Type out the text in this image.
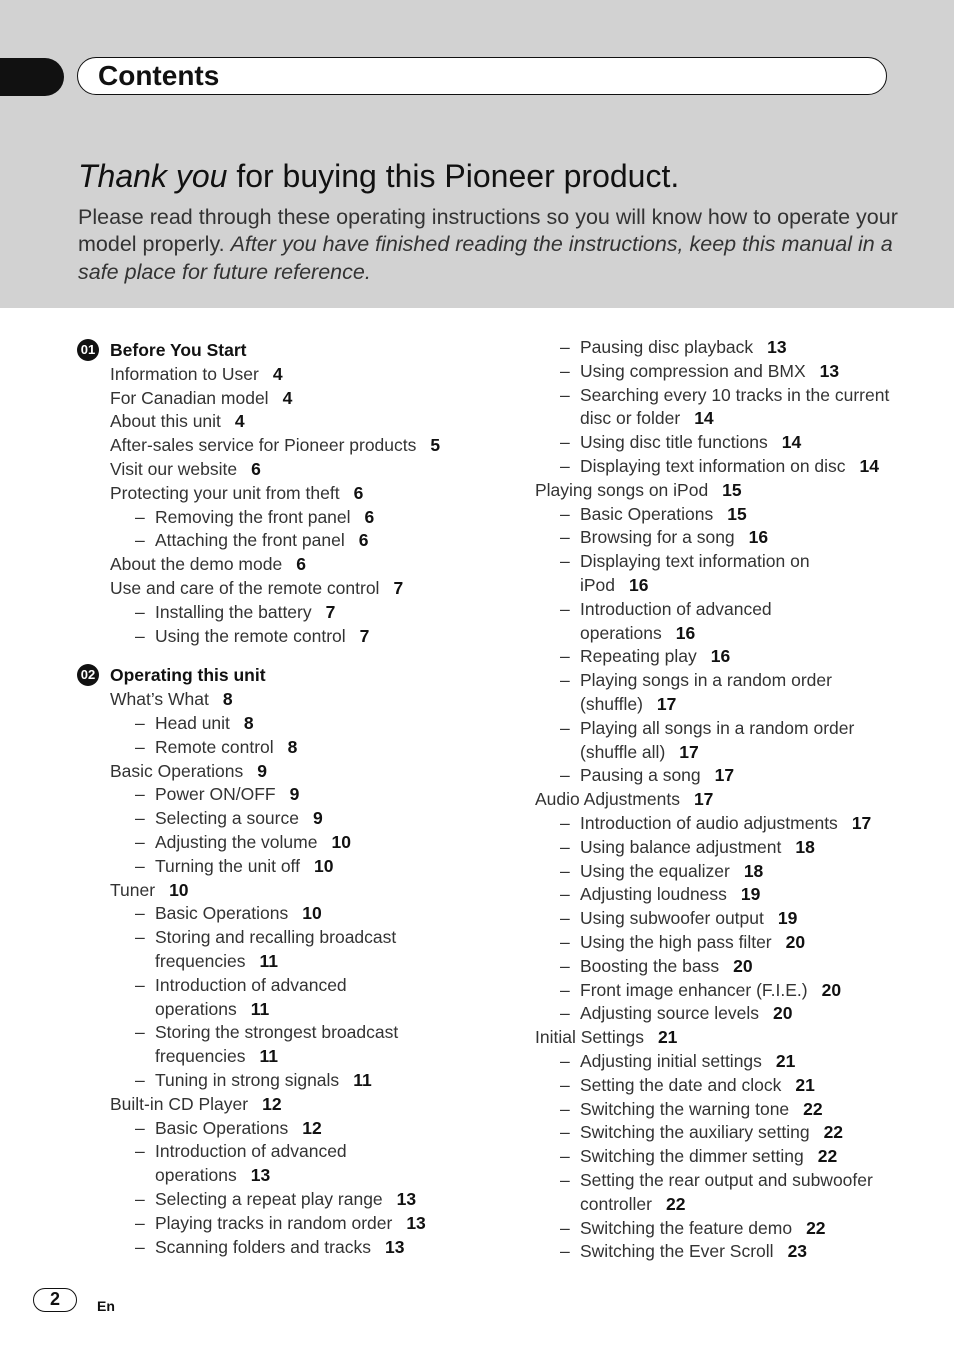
Contents
Thank you for buying this Pioneer product.
Please read through these operating instructions so you will know how to operate your model properly. After you have finished reading the instructions, keep this manual in a safe place for future reference.
01 Before You Start
Information to User 4
For Canadian model 4
About this unit 4
After-sales service for Pioneer products 5
Visit our website 6
Protecting your unit from theft 6
– Removing the front panel 6
– Attaching the front panel 6
About the demo mode 6
Use and care of the remote control 7
– Installing the battery 7
– Using the remote control 7
02 Operating this unit
What’s What 8
– Head unit 8
– Remote control 8
Basic Operations 9
– Power ON/OFF 9
– Selecting a source 9
– Adjusting the volume 10
– Turning the unit off 10
Tuner 10
– Basic Operations 10
– Storing and recalling broadcast
frequencies 11
– Introduction of advanced
operations 11
– Storing the strongest broadcast
frequencies 11
– Tuning in strong signals 11
Built-in CD Player 12
– Basic Operations 12
– Introduction of advanced
operations 13
– Selecting a repeat play range 13
– Playing tracks in random order 13
– Scanning folders and tracks 13
– Pausing disc playback 13
– Using compression and BMX 13
– Searching every 10 tracks in the current
disc or folder 14
– Using disc title functions 14
– Displaying text information on disc 14
Playing songs on iPod 15
– Basic Operations 15
– Browsing for a song 16
– Displaying text information on
iPod 16
– Introduction of advanced
operations 16
– Repeating play 16
– Playing songs in a random order
(shuffle) 17
– Playing all songs in a random order
(shuffle all) 17
– Pausing a song 17
Audio Adjustments 17
– Introduction of audio adjustments 17
– Using balance adjustment 18
– Using the equalizer 18
– Adjusting loudness 19
– Using subwoofer output 19
– Using the high pass filter 20
– Boosting the bass 20
– Front image enhancer (F.I.E.) 20
– Adjusting source levels 20
Initial Settings 21
– Adjusting initial settings 21
– Setting the date and clock 21
– Switching the warning tone 22
– Switching the auxiliary setting 22
– Switching the dimmer setting 22
– Setting the rear output and subwoofer
controller 22
– Switching the feature demo 22
– Switching the Ever Scroll 23
2	En
